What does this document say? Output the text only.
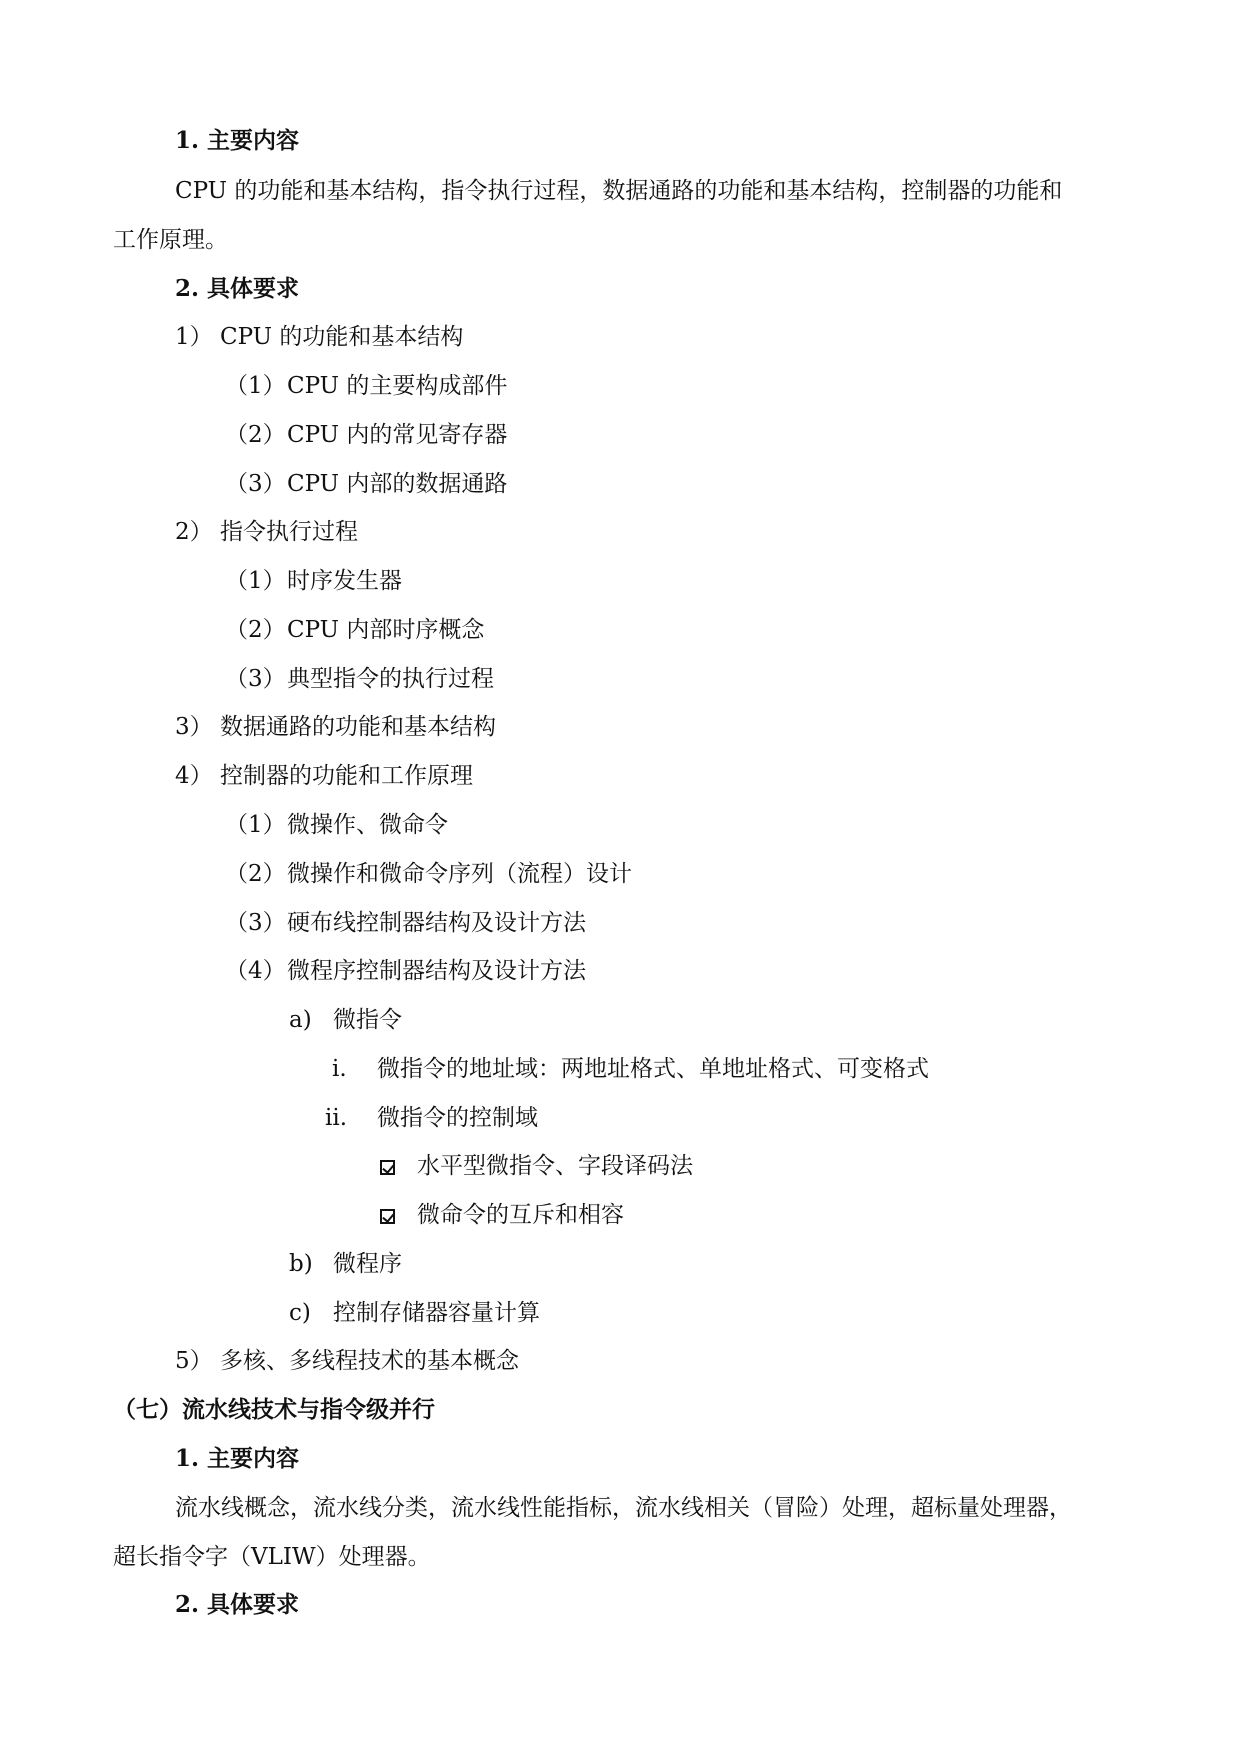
1. 主要内容
CPU 的功能和基本结构，指令执行过程，数据通路的功能和基本结构，控制器的功能和
工作原理。
2. 具体要求
1） CPU 的功能和基本结构
（1）CPU 的主要构成部件
（2）CPU 内的常见寄存器
（3）CPU 内部的数据通路
2） 指令执行过程
（1）时序发生器
（2）CPU 内部时序概念
（3）典型指令的执行过程
3） 数据通路的功能和基本结构
4） 控制器的功能和工作原理
（1）微操作、微命令
（2）微操作和微命令序列（流程）设计
（3）硬布线控制器结构及设计方法
（4）微程序控制器结构及设计方法
a) 微指令
i. 微指令的地址域：两地址格式、单地址格式、可变格式
ii. 微指令的控制域
水平型微指令、字段译码法
微命令的互斥和相容
b) 微程序
c) 控制存储器容量计算
5） 多核、多线程技术的基本概念
（七）流水线技术与指令级并行
1. 主要内容
流水线概念，流水线分类，流水线性能指标，流水线相关（冒险）处理，超标量处理器，
超长指令字（VLIW）处理器。
2. 具体要求
